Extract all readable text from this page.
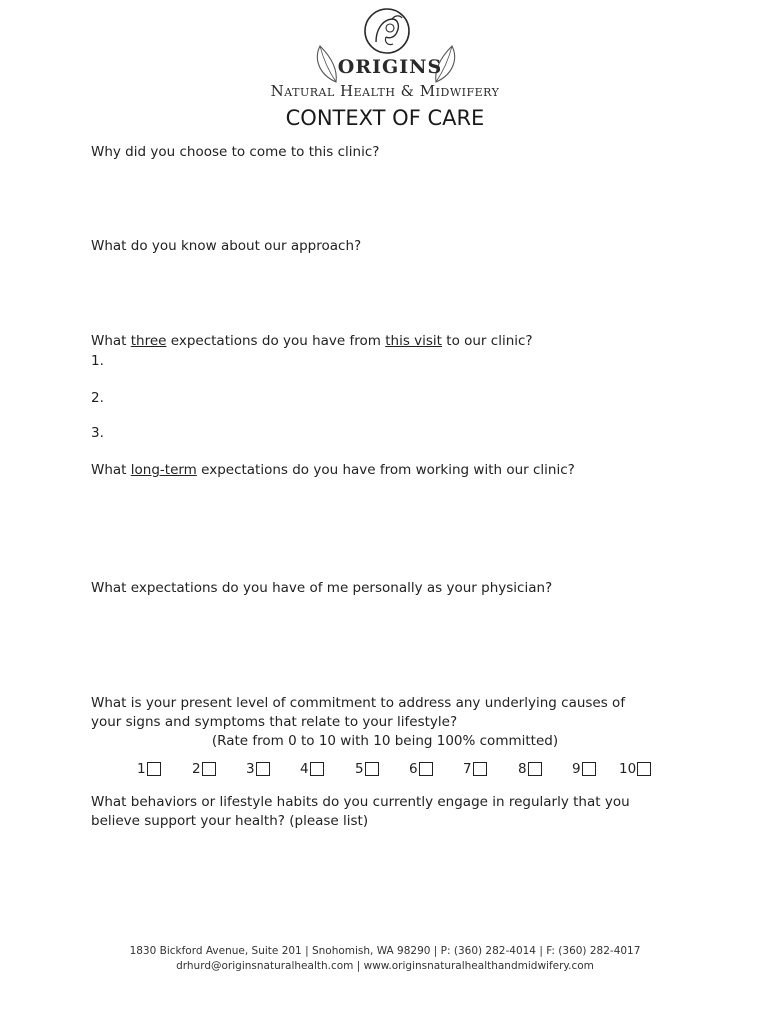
ORIGINS
Natural Health & Midwifery
CONTEXT OF CARE
Why did you choose to come to this clinic?
What do you know about our approach?
What three expectations do you have from this visit to our clinic?
1.
2.
3.
What long-term expectations do you have from working with our clinic?
What expectations do you have of me personally as your physician?
What is your present level of commitment to address any underlying causes of
your signs and symptoms that relate to your lifestyle?
(Rate from 0 to 10 with 10 being 100% committed)
1	2	3	4	5	6	7	8	9	10
What behaviors or lifestyle habits do you currently engage in regularly that you
believe support your health? (please list)
1830 Bickford Avenue, Suite 201 | Snohomish, WA 98290 | P: (360) 282-4014 | F: (360) 282-4017
drhurd@originsnaturalhealth.com | www.originsnaturalhealthandmidwifery.com
